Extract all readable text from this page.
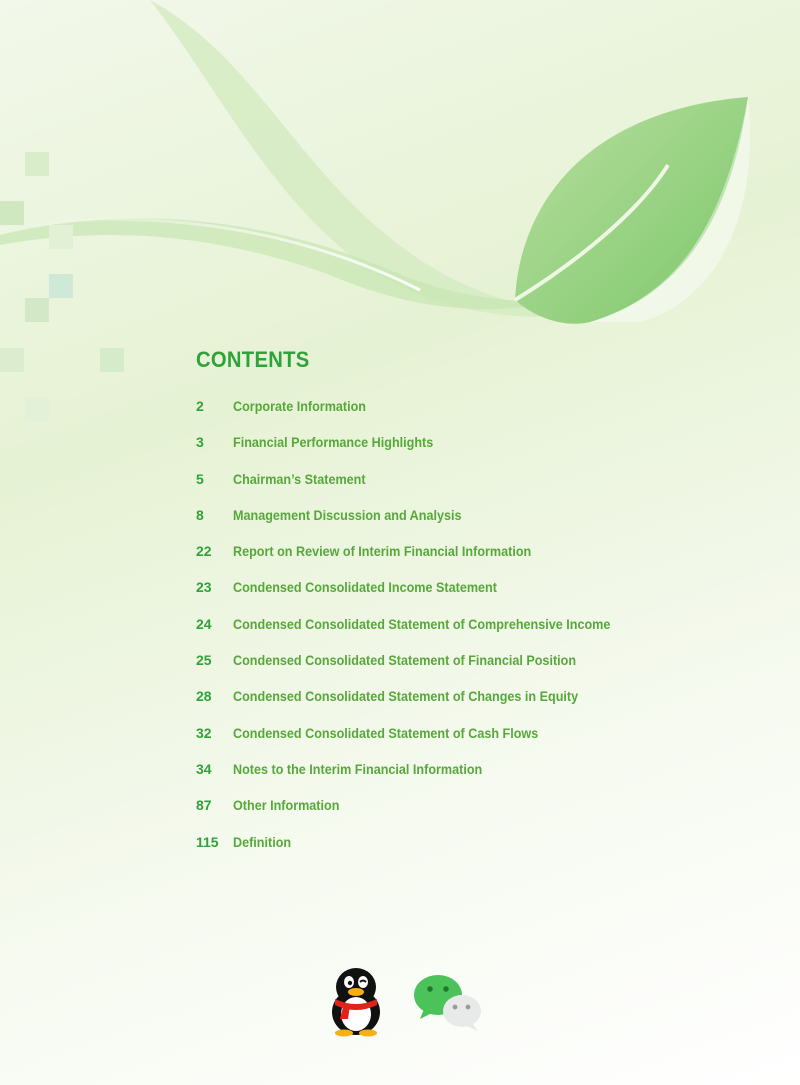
CONTENTS
2 Corporate Information
3 Financial Performance Highlights
5 Chairman’s Statement
8 Management Discussion and Analysis
22 Report on Review of Interim Financial Information
23 Condensed Consolidated Income Statement
24 Condensed Consolidated Statement of Comprehensive Income
25 Condensed Consolidated Statement of Financial Position
28 Condensed Consolidated Statement of Changes in Equity
32 Condensed Consolidated Statement of Cash Flows
34 Notes to the Interim Financial Information
87 Other Information
115 Definition
